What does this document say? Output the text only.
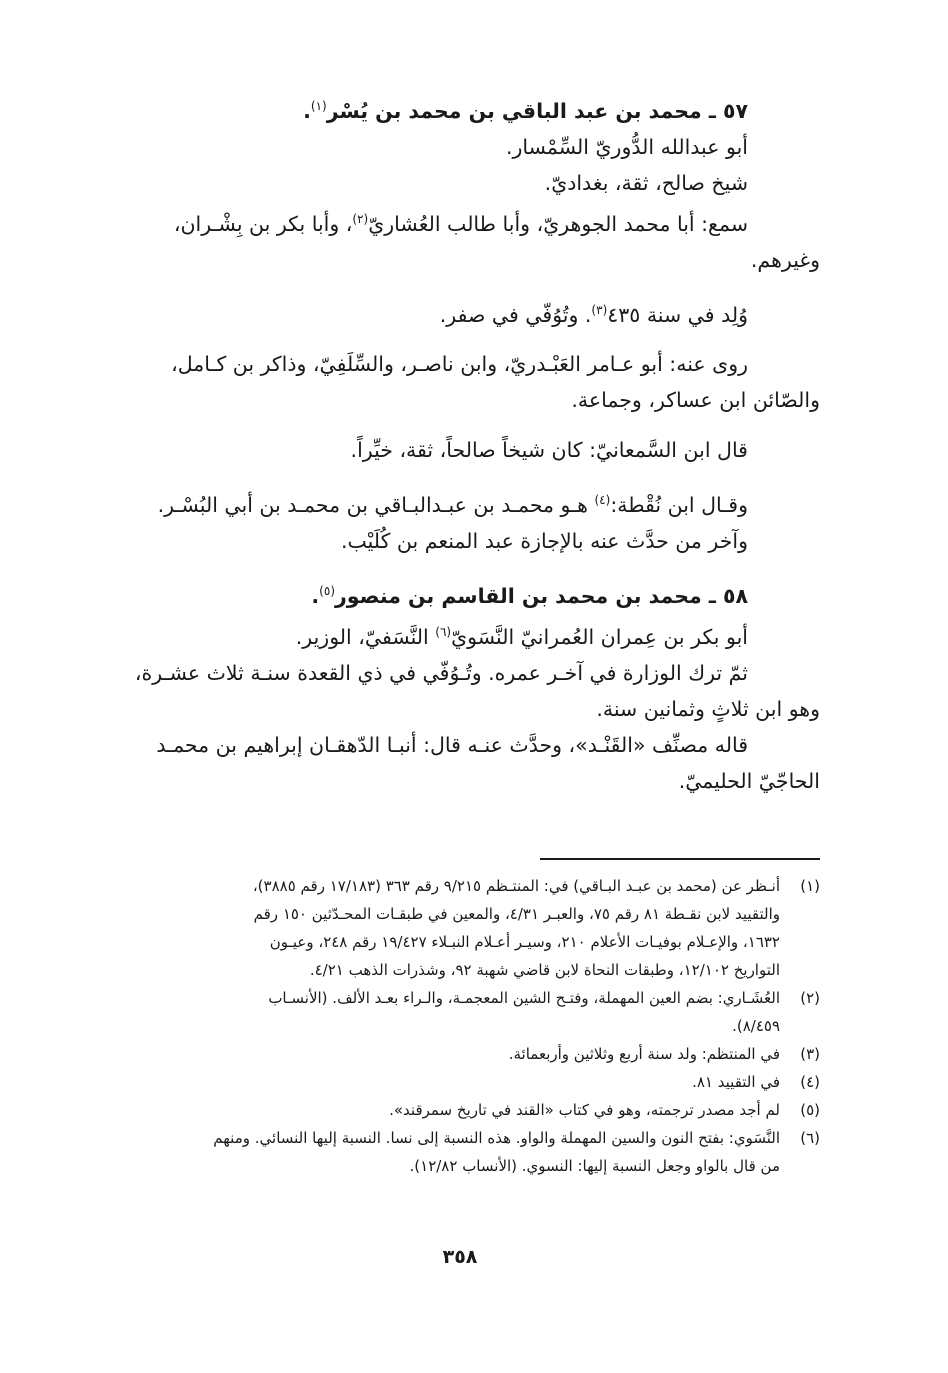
٥٧ ـ محمد بن عبد الباقي بن محمد بن يُسْر$^{(١)}$.
أبو عبدالله الدُّوريّ السِّمْسار.
شيخ صالح، ثقة، بغداديّ.
سمع: أبا محمد الجوهريّ، وأبا طالب العُشاريّ$^{(٢)}$، وأبا بكر بن بِشْـران،
وغيرهم.
وُلِد في سنة ٤٣٥$^{(٣)}$. وتُوُفّي في صفر.
روى عنه: أبو عـامر العَبْـدريّ، وابن ناصـر، والسِّلَفِيّ، وذاكر بن كـامل،
والصّائن ابن عساكر، وجماعة.
قال ابن السَّمعانيّ: كان شيخاً صالحاً، ثقة، خيِّراً.
وقـال ابن نُقْطة:$^{(٤)}$ هـو محمـد بن عبـدالبـاقي بن محمـد بن أبي البُسْـر.
وآخر من حدَّث عنه بالإجازة عبد المنعم بن كُلَيْب.
٥٨ ـ محمد بن محمد بن القاسم بن منصور$^{(٥)}$.
أبو بكر بن عِمران العُمرانيّ النَّسَويّ$^{(٦)}$ النَّسَفيّ، الوزير.
ثمّ ترك الوزارة في آخـر عمره. وتُـوُفّي في ذي القعدة سنـة ثلاث عشـرة،
وهو ابن ثلاثٍ وثمانين سنة.
قاله مصنِّف «القَنْـد»، وحدَّث عنـه قال: أنبـا الدّهقـان إبراهيم بن محمـد
الحاجّيّ الحليميّ.
(١)
أنـظر عن (محمد بن عبـد البـاقي) في: المنتـظم ٩/٢١٥ رقم ٣٦٣ (١٧/١٨٣ رقم ٣٨٨٥)،
والتقييد لابن نقـطة ٨١ رقم ٧٥، والعبـر ٤/٣١، والمعين في طبقـات المحـدّثين ١٥٠ رقم
١٦٣٢، والإعـلام بوفيـات الأعلام ٢١٠، وسيـر أعـلام النبـلاء ١٩/٤٢٧ رقم ٢٤٨، وعيـون
التواريخ ١٢/١٠٢، وطبقات النحاة لابن قاضي شهبة ٩٢، وشذرات الذهب ٤/٢١.
(٢)
العُشَـاري: بضم العين المهملة، وفتـح الشين المعجمـة، والـراء بعـد الألف. (الأنسـاب
٨/٤٥٩).
(٣)
في المنتظم: ولد سنة أربع وثلاثين وأربعمائة.
(٤)
في التقييد ٨١.
(٥)
لم أجد مصدر ترجمته، وهو في كتاب «القند في تاريخ سمرقند».
(٦)
النَّسَوي: بفتح النون والسين المهملة والواو. هذه النسبة إلى نسا. النسبة إليها النسائي. ومنهم
من قال بالواو وجعل النسبة إليها: النسوي. (الأنساب ١٢/٨٢).
٣٥٨
